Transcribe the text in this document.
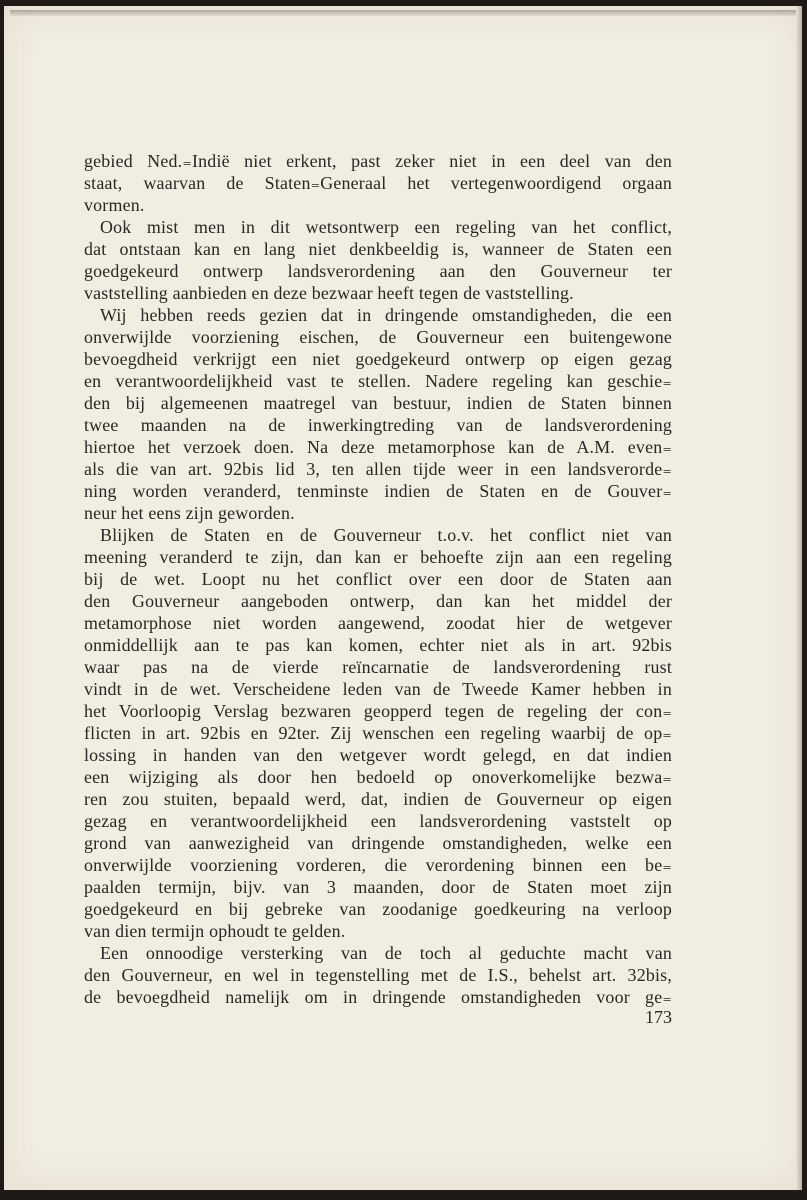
gebied Ned.₌Indië niet erkent, past zeker niet in een deel van den
staat, waarvan de Staten₌Generaal het vertegenwoordigend orgaan
vormen.
Ook mist men in dit wetsontwerp een regeling van het conflict,
dat ontstaan kan en lang niet denkbeeldig is, wanneer de Staten een
goedgekeurd ontwerp landsverordening aan den Gouverneur ter
vaststelling aanbieden en deze bezwaar heeft tegen de vaststelling.
Wij hebben reeds gezien dat in dringende omstandigheden, die een
onverwijlde voorziening eischen, de Gouverneur een buitengewone
bevoegdheid verkrijgt een niet goedgekeurd ontwerp op eigen gezag
en verantwoordelijkheid vast te stellen. Nadere regeling kan geschie₌
den bij algemeenen maatregel van bestuur, indien de Staten binnen
twee maanden na de inwerkingtreding van de landsverordening
hiertoe het verzoek doen. Na deze metamorphose kan de A.M. even₌
als die van art. 92bis lid 3, ten allen tijde weer in een landsverorde₌
ning worden veranderd, tenminste indien de Staten en de Gouver₌
neur het eens zijn geworden.
Blijken de Staten en de Gouverneur t.o.v. het conflict niet van
meening veranderd te zijn, dan kan er behoefte zijn aan een regeling
bij de wet. Loopt nu het conflict over een door de Staten aan
den Gouverneur aangeboden ontwerp, dan kan het middel der
metamorphose niet worden aangewend, zoodat hier de wetgever
onmiddellijk aan te pas kan komen, echter niet als in art. 92bis
waar pas na de vierde reïncarnatie de landsverordening rust
vindt in de wet. Verscheidene leden van de Tweede Kamer hebben in
het Voorloopig Verslag bezwaren geopperd tegen de regeling der con₌
flicten in art. 92bis en 92ter. Zij wenschen een regeling waarbij de op₌
lossing in handen van den wetgever wordt gelegd, en dat indien
een wijziging als door hen bedoeld op onoverkomelijke bezwa₌
ren zou stuiten, bepaald werd, dat, indien de Gouverneur op eigen
gezag en verantwoordelijkheid een landsverordening vaststelt op
grond van aanwezigheid van dringende omstandigheden, welke een
onverwijlde voorziening vorderen, die verordening binnen een be₌
paalden termijn, bijv. van 3 maanden, door de Staten moet zijn
goedgekeurd en bij gebreke van zoodanige goedkeuring na verloop
van dien termijn ophoudt te gelden.
Een onnoodige versterking van de toch al geduchte macht van
den Gouverneur, en wel in tegenstelling met de I.S., behelst art. 32bis,
de bevoegdheid namelijk om in dringende omstandigheden voor ge₌
173
